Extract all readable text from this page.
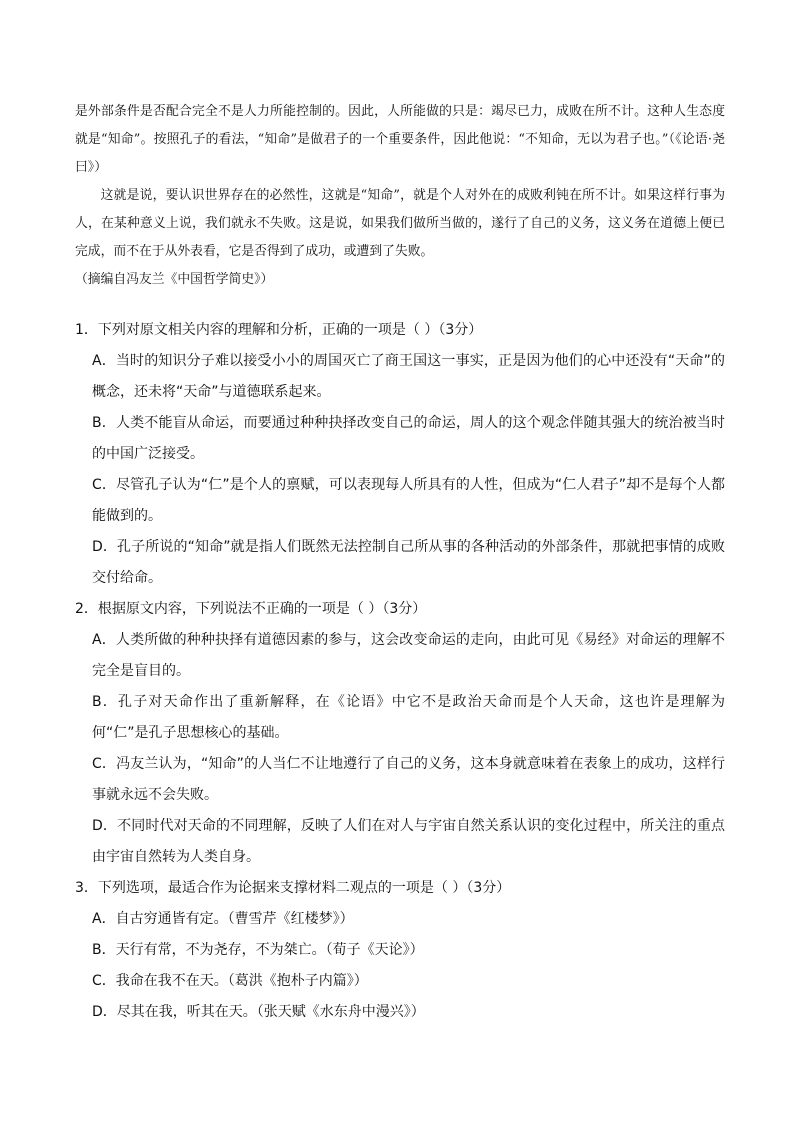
是外部条件是否配合完全不是人力所能控制的。因此，人所能做的只是：竭尽已力，成败在所不计。这种人生态度就是“知命”。按照孔子的看法，“知命”是做君子的一个重要条件，因此他说：“不知命，无以为君子也。”（《论语·尧曰》）

这就是说，要认识世界存在的必然性，这就是“知命”，就是个人对外在的成败利钝在所不计。如果这样行事为人，在某种意义上说，我们就永不失败。这是说，如果我们做所当做的，遂行了自己的义务，这义务在道德上便已完成，而不在于从外表看，它是否得到了成功，或遭到了失败。

（摘编自冯友兰《中国哲学简史》）

1．下列对原文相关内容的理解和分析，正确的一项是（ ）（3分）
A．当时的知识分子难以接受小小的周国灭亡了商王国这一事实，正是因为他们的心中还没有“天命”的概念，还未将“天命”与道德联系起来。
B．人类不能盲从命运，而要通过种种抉择改变自己的命运，周人的这个观念伴随其强大的统治被当时的中国广泛接受。
C．尽管孔子认为“仁”是个人的禀赋，可以表现每人所具有的人性，但成为“仁人君子”却不是每个人都能做到的。
D．孔子所说的“知命”就是指人们既然无法控制自己所从事的各种活动的外部条件，那就把事情的成败交付给命。
2．根据原文内容，下列说法不正确的一项是（ ）（3分）
A．人类所做的种种抉择有道德因素的参与，这会改变命运的走向，由此可见《易经》对命运的理解不完全是盲目的。
B．孔子对天命作出了重新解释，在《论语》中它不是政治天命而是个人天命，这也许是理解为何“仁”是孔子思想核心的基础。
C．冯友兰认为，“知命”的人当仁不让地遵行了自己的义务，这本身就意味着在表象上的成功，这样行事就永远不会失败。
D．不同时代对天命的不同理解，反映了人们在对人与宇宙自然关系认识的变化过程中，所关注的重点由宇宙自然转为人类自身。
3．下列选项，最适合作为论据来支撑材料二观点的一项是（ ）（3分）
A．自古穷通皆有定。（曹雪芹《红楼梦》）
B．天行有常，不为尧存，不为桀亡。（荀子《天论》）
C．我命在我不在天。（葛洪《抱朴子内篇》）
D．尽其在我，听其在天。（张天赋《水东舟中漫兴》）
